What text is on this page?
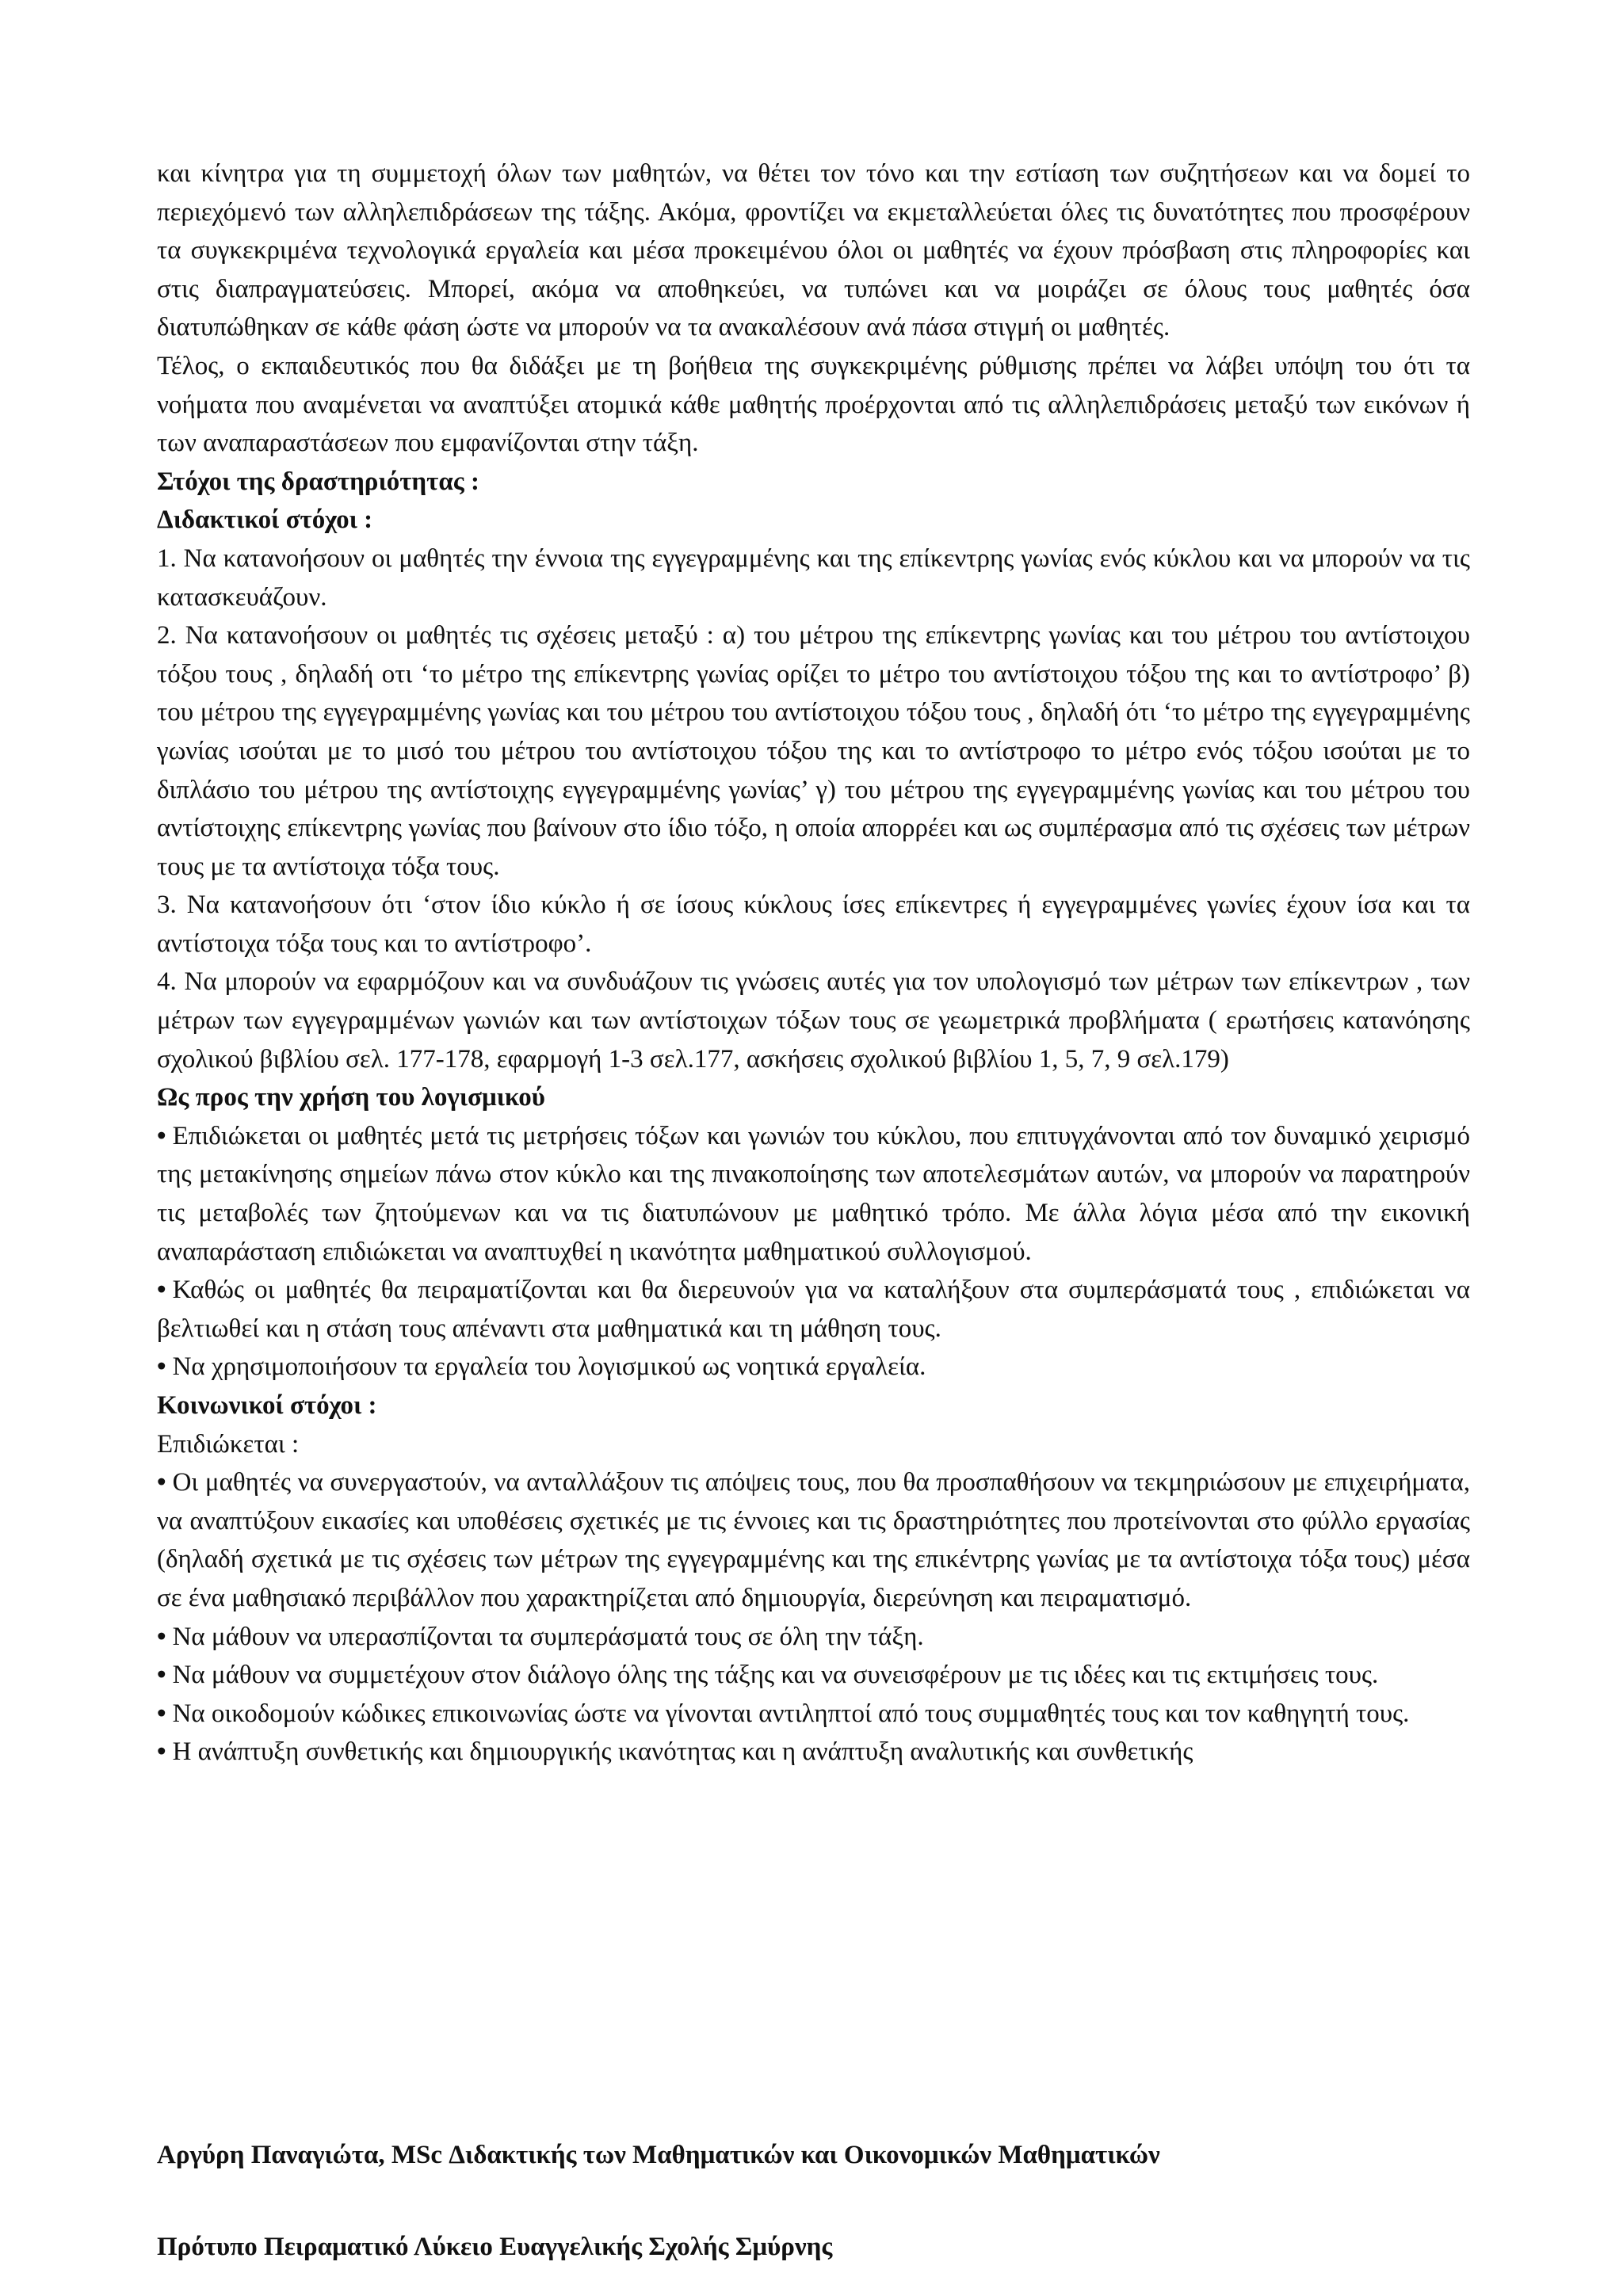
και κίνητρα για τη συμμετοχή όλων των μαθητών, να θέτει τον τόνο και την εστίαση των συζητήσεων και να δομεί το περιεχόμενό των αλληλεπιδράσεων της τάξης. Ακόμα, φροντίζει να εκμεταλλεύεται όλες τις δυνατότητες που προσφέρουν τα συγκεκριμένα τεχνολογικά εργαλεία και μέσα προκειμένου όλοι οι μαθητές να έχουν πρόσβαση στις πληροφορίες και στις διαπραγματεύσεις. Μπορεί, ακόμα να αποθηκεύει, να τυπώνει και να μοιράζει σε όλους τους μαθητές όσα διατυπώθηκαν σε κάθε φάση ώστε να μπορούν να τα ανακαλέσουν ανά πάσα στιγμή οι μαθητές.

Τέλος, ο εκπαιδευτικός που θα διδάξει με τη βοήθεια της συγκεκριμένης ρύθμισης πρέπει να λάβει υπόψη του ότι τα νοήματα που αναμένεται να αναπτύξει ατομικά κάθε μαθητής προέρχονται από τις αλληλεπιδράσεις μεταξύ των εικόνων ή των αναπαραστάσεων που εμφανίζονται στην τάξη.

Στόχοι της δραστηριότητας :

Διδακτικοί στόχοι :

1. Να κατανοήσουν οι μαθητές την έννοια της εγγεγραμμένης και της επίκεντρης γωνίας ενός κύκλου και να μπορούν να τις κατασκευάζουν.

2. Να κατανοήσουν οι μαθητές τις σχέσεις μεταξύ : α) του μέτρου της επίκεντρης γωνίας και του μέτρου του αντίστοιχου τόξου τους , δηλαδή οτι ‘το μέτρο της επίκεντρης γωνίας ορίζει το μέτρο του αντίστοιχου τόξου της και το αντίστροφο’ β) του μέτρου της εγγεγραμμένης γωνίας και του μέτρου του αντίστοιχου τόξου τους , δηλαδή ότι ‘το μέτρο της εγγεγραμμένης γωνίας ισούται με το μισό του μέτρου του αντίστοιχου τόξου της και το αντίστροφο το μέτρο ενός τόξου ισούται με το διπλάσιο του μέτρου της αντίστοιχης εγγεγραμμένης γωνίας’ γ) του μέτρου της εγγεγραμμένης γωνίας και του μέτρου του αντίστοιχης επίκεντρης γωνίας που βαίνουν στο ίδιο τόξο, η οποία απορρέει και ως συμπέρασμα από τις σχέσεις των μέτρων τους με τα αντίστοιχα τόξα τους.

3. Να κατανοήσουν ότι ‘στον ίδιο κύκλο ή σε ίσους κύκλους ίσες επίκεντρες ή εγγεγραμμένες γωνίες έχουν ίσα και τα αντίστοιχα τόξα τους και το αντίστροφο’.

4. Να μπορούν να εφαρμόζουν και να συνδυάζουν τις γνώσεις αυτές για τον υπολογισμό των μέτρων των επίκεντρων , των μέτρων των εγγεγραμμένων γωνιών και των αντίστοιχων τόξων τους σε γεωμετρικά προβλήματα ( ερωτήσεις κατανόησης σχολικού βιβλίου σελ. 177-178, εφαρμογή 1-3 σελ.177, ασκήσεις σχολικού βιβλίου 1, 5, 7, 9 σελ.179)

Ως προς την χρήση του λογισμικού

• Επιδιώκεται οι μαθητές μετά τις μετρήσεις τόξων και γωνιών του κύκλου, που επιτυγχάνονται από τον δυναμικό χειρισμό της μετακίνησης σημείων πάνω στον κύκλο και της πινακοποίησης των αποτελεσμάτων αυτών, να μπορούν να παρατηρούν τις μεταβολές των ζητούμενων και να τις διατυπώνουν με μαθητικό τρόπο. Με άλλα λόγια μέσα από την εικονική αναπαράσταση επιδιώκεται να αναπτυχθεί η ικανότητα μαθηματικού συλλογισμού.

• Καθώς οι μαθητές θα πειραματίζονται και θα διερευνούν για να καταλήξουν στα συμπεράσματά τους , επιδιώκεται να βελτιωθεί και η στάση τους απέναντι στα μαθηματικά και τη μάθηση τους.

• Να χρησιμοποιήσουν τα εργαλεία του λογισμικού ως νοητικά εργαλεία.

Κοινωνικοί στόχοι :

Επιδιώκεται :

• Οι μαθητές να συνεργαστούν, να ανταλλάξουν τις απόψεις τους, που θα προσπαθήσουν να τεκμηριώσουν με επιχειρήματα, να αναπτύξουν εικασίες και υποθέσεις σχετικές με τις έννοιες και τις δραστηριότητες που προτείνονται στο φύλλο εργασίας (δηλαδή σχετικά με τις σχέσεις των μέτρων της εγγεγραμμένης και της επικέντρης γωνίας με τα αντίστοιχα τόξα τους) μέσα σε ένα μαθησιακό περιβάλλον που χαρακτηρίζεται από δημιουργία, διερεύνηση και πειραματισμό.

• Να μάθουν να υπερασπίζονται τα συμπεράσματά τους σε όλη την τάξη.

• Να μάθουν να συμμετέχουν στον διάλογο όλης της τάξης και να συνεισφέρουν με τις ιδέες και τις εκτιμήσεις τους.

• Να οικοδομούν κώδικες επικοινωνίας ώστε να γίνονται αντιληπτοί από τους συμμαθητές τους και τον καθηγητή τους.

• Η ανάπτυξη συνθετικής και δημιουργικής ικανότητας και η ανάπτυξη αναλυτικής και συνθετικής

Αργύρη Παναγιώτα, MSc Διδακτικής των Μαθηματικών και Οικονομικών Μαθηματικών
Πρότυπο Πειραματικό Λύκειο Ευαγγελικής Σχολής Σμύρνης
